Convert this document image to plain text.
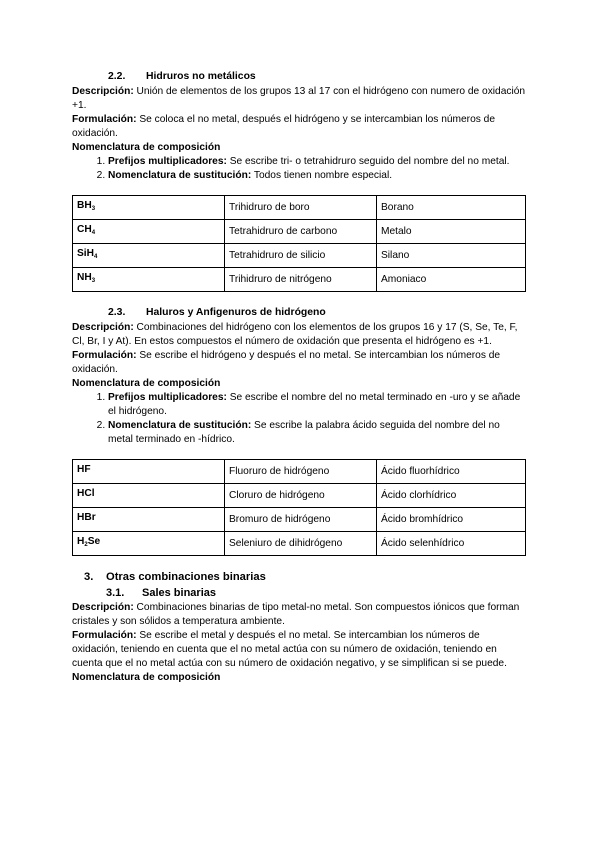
2.2. Hidruros no metálicos

Descripción: Unión de elementos de los grupos 13 al 17 con el hidrógeno con numero de oxidación +1.

Formulación: Se coloca el no metal, después el hidrógeno y se intercambian los números de oxidación.

Nomenclatura de composición

1. Prefijos multiplicadores: Se escribe tri- o tetrahidruro seguido del nombre del no metal.
2. Nomenclatura de sustitución: Todos tienen nombre especial.
$BH_3$	Trihidruro de boro	Borano
$CH_4$	Tetrahidruro de carbono	Metalo
SiH$_4$	Tetrahidruro de silicio	Silano
$NH_3$	Trihidruro de nitrógeno	Amoniaco
2.3. Haluros y Anfigenuros de hidrógeno

Descripción: Combinaciones del hidrógeno con los elementos de los grupos 16 y 17 (S, Se, Te, F, Cl, Br, I y At). En estos compuestos el número de oxidación que presenta el hidrógeno es +1.

Formulación: Se escribe el hidrógeno y después el no metal. Se intercambian los números de oxidación.

Nomenclatura de composición

1. Prefijos multiplicadores: Se escribe el nombre del no metal terminado en -uro y se añade el hidrógeno.
2. Nomenclatura de sustitución: Se escribe la palabra ácido seguida del nombre del no metal terminado en -hídrico.
HF	Fluoruro de hidrógeno	Ácido fluorhídrico
HCl	Cloruro de hidrógeno	Ácido clorhídrico
HBr	Bromuro de hidrógeno	Ácido bromhídrico
$H_2Se$	Seleniuro de dihidrógeno	Ácido selenhídrico
3. Otras combinaciones binarias
3.1. Sales binarias

Descripción: Combinaciones binarias de tipo metal-no metal. Son compuestos iónicos que forman cristales y son sólidos a temperatura ambiente.

Formulación: Se escribe el metal y después el no metal. Se intercambian los números de oxidación, teniendo en cuenta que el no metal actúa con su número de oxidación, teniendo en cuenta que el no metal actúa con su número de oxidación negativo, y se simplifican si se puede.

Nomenclatura de composición
